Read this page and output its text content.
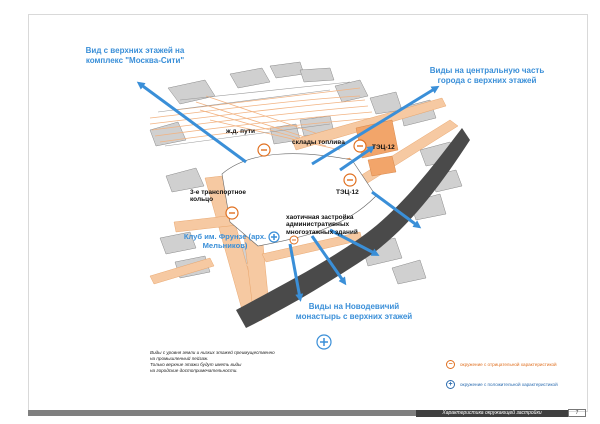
Вид с верхних этажей на комплекс "Москва-Сити"
Виды на центральную часть города с верхних этажей
Виды на Новодевичий монастырь с верхних этажей
Клуб им. Фрунзе (арх. Мельников)
ж.д. пути
склады топлива
ТЭЦ-12
ТЭЦ-12
3-е транспортное кольцо
хаотичная застройка административных многоэтажных зданий
Виды с уровня земли и низких этажей преимущественно
на промышленный пейзаж.
Только верхние этажи будут иметь виды
на городские достопримечательности.
−	окружение с отрицательной характеристикой
+	окружение с положительной характеристикой
Характеристика окружающей застройки	7
